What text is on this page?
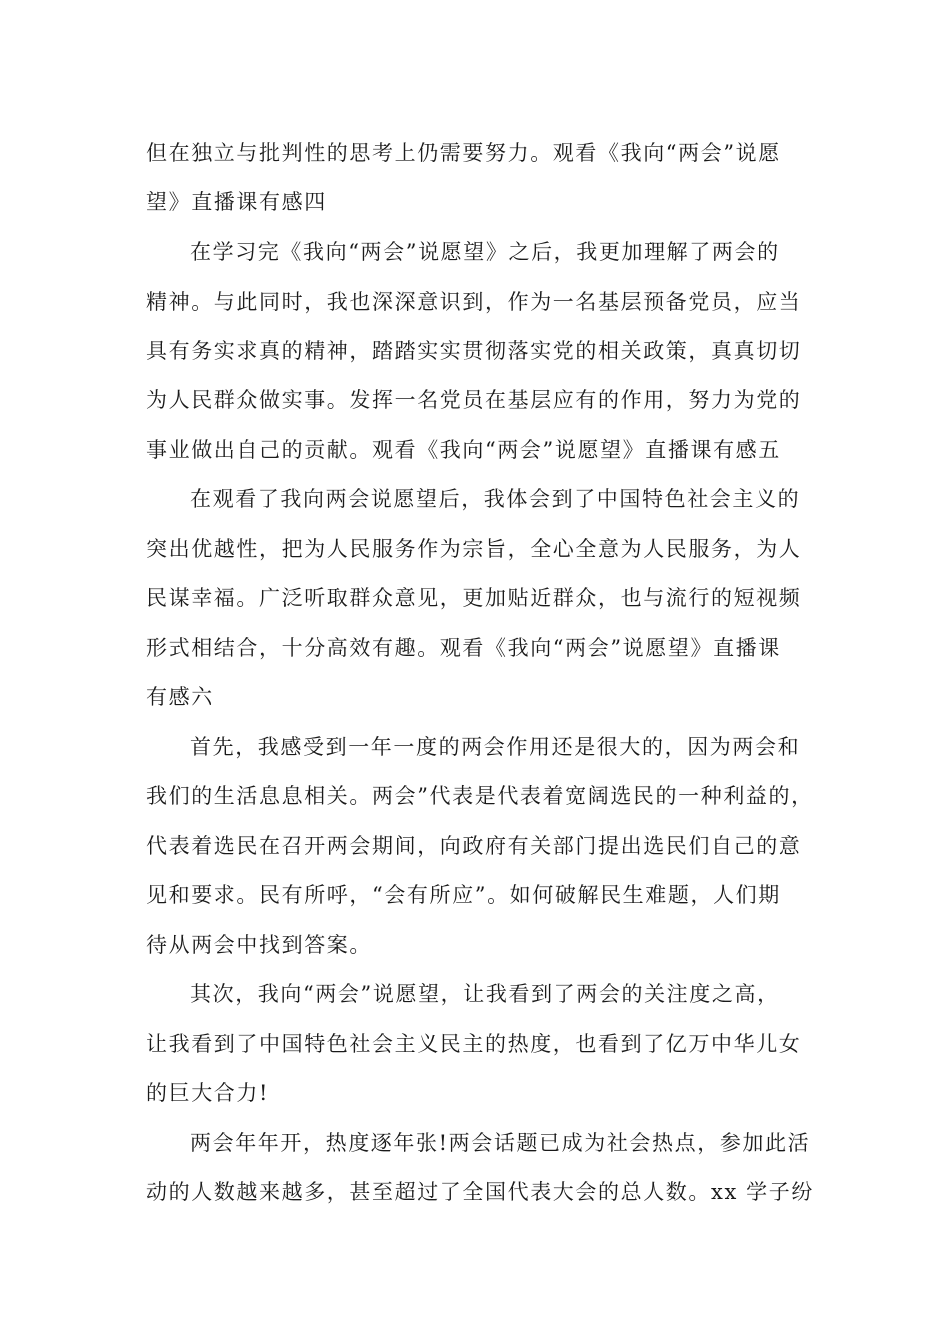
但在独立与批判性的思考上仍需要努力。观看《我向“两会”说愿
望》直播课有感四
在学习完《我向“两会”说愿望》之后，我更加理解了两会的
精神。与此同时，我也深深意识到，作为一名基层预备党员，应当
具有务实求真的精神，踏踏实实贯彻落实党的相关政策，真真切切
为人民群众做实事。发挥一名党员在基层应有的作用，努力为党的
事业做出自己的贡献。观看《我向“两会”说愿望》直播课有感五
在观看了我向两会说愿望后，我体会到了中国特色社会主义的
突出优越性，把为人民服务作为宗旨，全心全意为人民服务，为人
民谋幸福。广泛听取群众意见，更加贴近群众，也与流行的短视频
形式相结合，十分高效有趣。观看《我向“两会”说愿望》直播课
有感六
首先，我感受到一年一度的两会作用还是很大的，因为两会和
我们的生活息息相关。两会”代表是代表着宽阔选民的一种利益的，
代表着选民在召开两会期间，向政府有关部门提出选民们自己的意
见和要求。民有所呼，“会有所应”。如何破解民生难题，人们期
待从两会中找到答案。
其次，我向“两会”说愿望，让我看到了两会的关注度之高，
让我看到了中国特色社会主义民主的热度，也看到了亿万中华儿女
的巨大合力!
两会年年开，热度逐年张!两会话题已成为社会热点，参加此活
动的人数越来越多，甚至超过了全国代表大会的总人数。xx 学子纷
